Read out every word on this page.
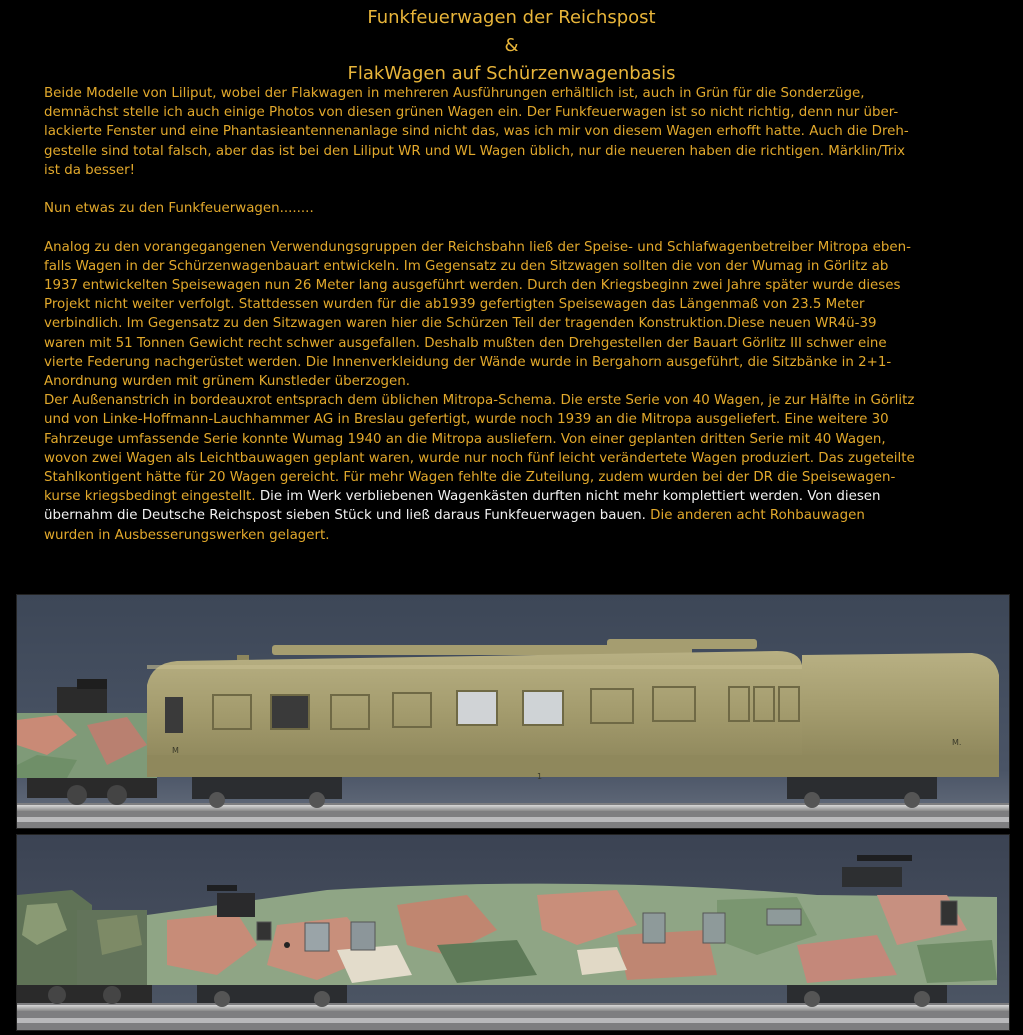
Funkfeuerwagen der Reichspost
&
FlakWagen auf Schürzenwagenbasis

Beide Modelle von Liliput, wobei der Flakwagen in mehreren Ausführungen erhältlich ist, auch in Grün für die Sonderzüge,

demnächst stelle ich auch einige Photos von diesen grünen Wagen ein. Der Funkfeuerwagen ist so nicht richtig, denn nur über-

lackierte Fenster und eine Phantasieantennenanlage sind nicht das, was ich mir von diesem Wagen erhofft hatte. Auch die Dreh-

gestelle sind total falsch, aber das ist bei den Liliput WR und WL Wagen üblich, nur die neueren haben die richtigen. Märklin/Trix

ist da besser!

Nun etwas zu den Funkfeuerwagen........

Analog zu den vorangegangenen Verwendungsgruppen der Reichsbahn ließ der Speise- und Schlafwagenbetreiber Mitropa eben-

falls Wagen in der Schürzenwagenbauart entwickeln. Im Gegensatz zu den Sitzwagen sollten die von der Wumag in Görlitz ab

1937 entwickelten Speisewagen nun 26 Meter lang ausgeführt werden. Durch den Kriegsbeginn zwei Jahre später wurde dieses

Projekt nicht weiter verfolgt. Stattdessen wurden für die ab1939 gefertigten Speisewagen das Längenmaß von 23.5 Meter

verbindlich. Im Gegensatz zu den Sitzwagen waren hier die Schürzen Teil der tragenden Konstruktion.Diese neuen WR4ü-39

waren mit 51 Tonnen Gewicht recht schwer ausgefallen. Deshalb mußten den Drehgestellen der Bauart Görlitz III schwer eine

vierte Federung nachgerüstet werden. Die Innenverkleidung der Wände wurde in Bergahorn ausgeführt, die Sitzbänke in 2+1-

Anordnung wurden mit grünem Kunstleder überzogen.

Der Außenanstrich in bordeauxrot entsprach dem üblichen Mitropa-Schema. Die erste Serie von 40 Wagen, je zur Hälfte in Görlitz

und von Linke-Hoffmann-Lauchhammer AG in Breslau gefertigt, wurde noch 1939 an die Mitropa ausgeliefert. Eine weitere 30

Fahrzeuge umfassende Serie konnte Wumag 1940 an die Mitropa ausliefern. Von einer geplanten dritten Serie mit 40 Wagen,

wovon zwei Wagen als Leichtbauwagen geplant waren, wurde nur noch fünf leicht verändertete Wagen produziert. Das zugeteilte

Stahlkontigent hätte für 20 Wagen gereicht. Für mehr Wagen fehlte die Zuteilung, zudem wurden bei der DR die Speisewagen-

kurse kriegsbedingt eingestellt. Die im Werk verbliebenen Wagenkästen durften nicht mehr komplettiert werden. Von diesen

übernahm die Deutsche Reichspost sieben Stück und ließ daraus Funkfeuerwagen bauen. Die anderen acht Rohbauwagen

wurden in Ausbesserungswerken gelagert.

M
M.
1
